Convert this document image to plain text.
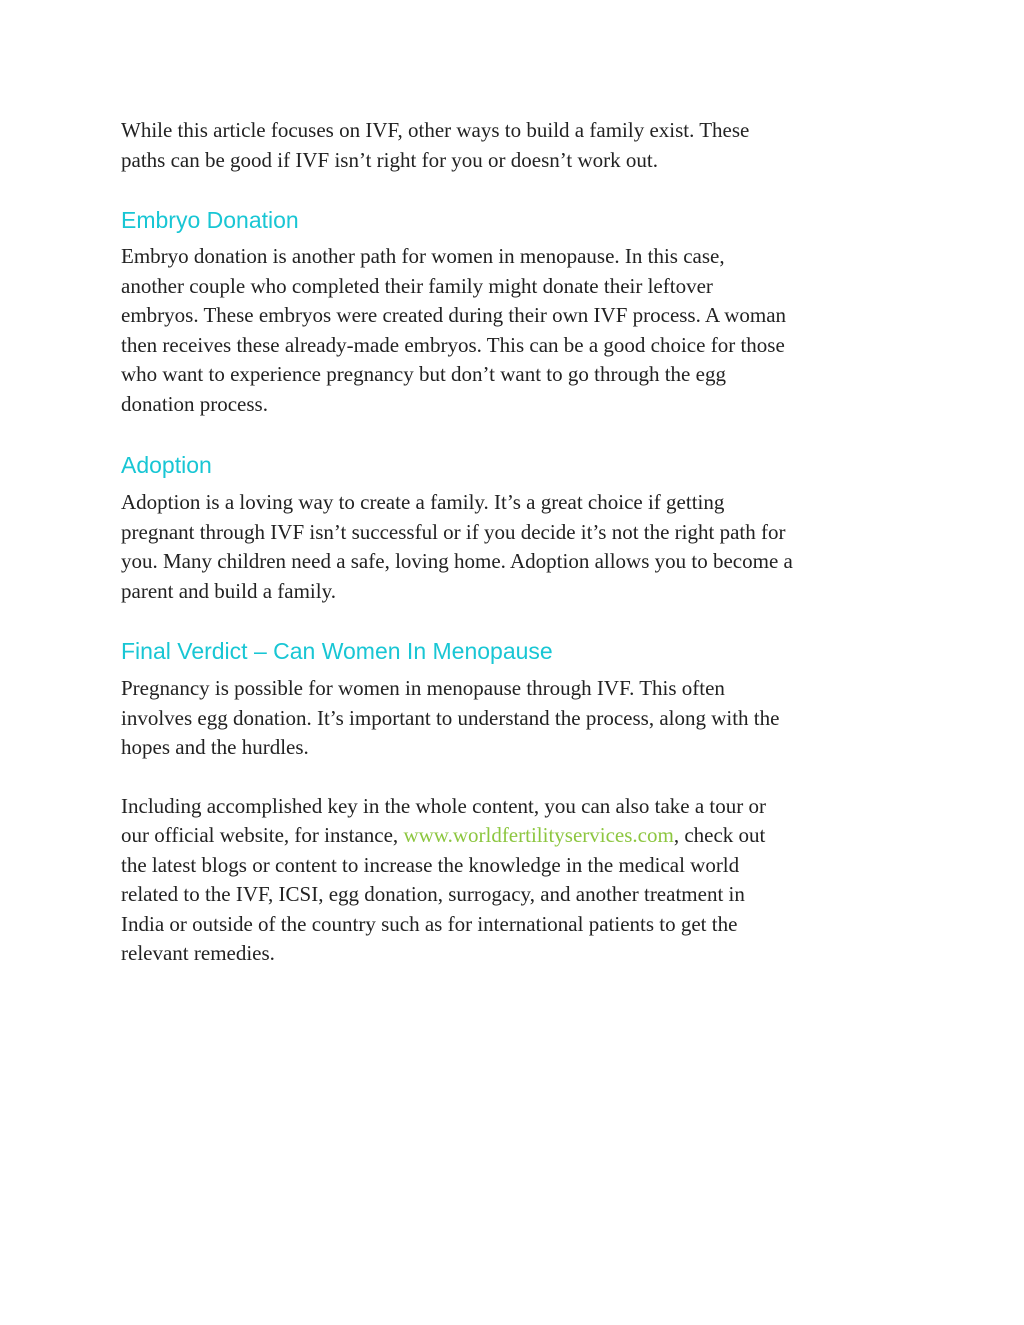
While this article focuses on IVF, other ways to build a family exist. These
paths can be good if IVF isn’t right for you or doesn’t work out.

Embryo Donation

Embryo donation is another path for women in menopause. In this case,
another couple who completed their family might donate their leftover
embryos. These embryos were created during their own IVF process. A woman
then receives these already-made embryos. This can be a good choice for those
who want to experience pregnancy but don’t want to go through the egg
donation process.

Adoption

Adoption is a loving way to create a family. It’s a great choice if getting
pregnant through IVF isn’t successful or if you decide it’s not the right path for
you. Many children need a safe, loving home. Adoption allows you to become a
parent and build a family.

Final Verdict – Can Women In Menopause

Pregnancy is possible for women in menopause through IVF. This often
involves egg donation. It’s important to understand the process, along with the
hopes and the hurdles.

Including accomplished key in the whole content, you can also take a tour or
our official website, for instance, www.worldfertilityservices.com, check out
the latest blogs or content to increase the knowledge in the medical world
related to the IVF, ICSI, egg donation, surrogacy, and another treatment in
India or outside of the country such as for international patients to get the
relevant remedies.
